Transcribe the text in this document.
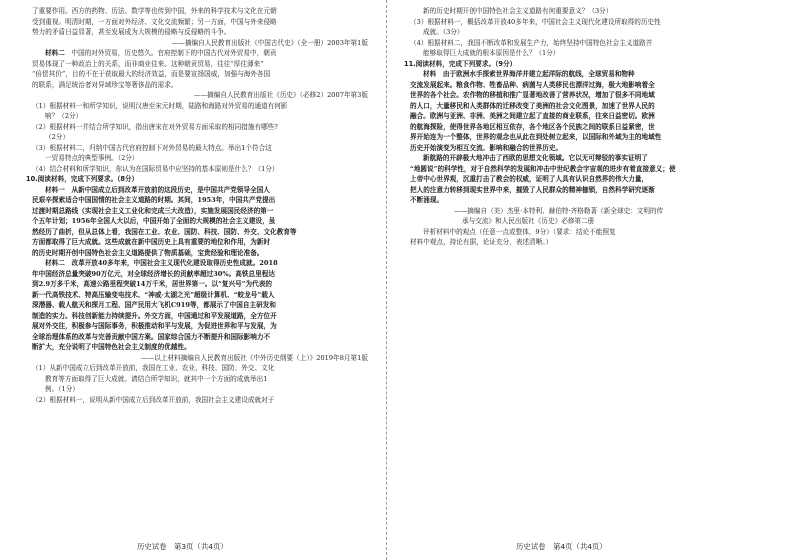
了重要作用。西方的药物、历法、数学等也传到中国，外来的科学技术与文化在元朝

受到重视。明清时期，一方面对外经济、文化交流频繁；另一方面，中国与外来侵略

势力的矛盾日益显著，甚至发展成为大规模的侵略与反侵略的斗争。

——摘编自人民教育出版社《中国古代史》（全一册）2003年第1版

材料二　 中国的对外贸易，历史悠久。官府控制下的中国古代对外贸易中，朝贡

贸易体现了一种政治上的关系，而非商业往来。这种朝贡贸易，往往“厚往薄来”

“倍偿其价”，目的不在于获取最大的经济效益，而是要宣扬国威，加强与海外各国

的联系，满足统治者对异域珍宝等奢侈品的需求。

——摘编自人民教育出版社《历史》（必修2）2007年第3版

（1）根据材料一和所学知识，说明汉唐至宋元时期，陆路和海路对外贸易的通道有何影

响？（2分）

（2）根据材料一并结合所学知识，指出唐宋在对外贸易方面采取的相同措施有哪些?

（2分）

（3）根据材料二，归纳中国古代官府控制下对外贸易的最大特点。举出1个符合这

一贸易特点的典型事例。（2分）

（4）结合材料和所学知识，你认为在国际贸易中应坚持的基本原则是什么？（1分）

10.阅读材料，完成下列要求。（8分）

材料一　 从新中国成立后到改革开放前的这段历史，是中国共产党领导全国人

民艰辛探索适合中国国情的社会主义道路的时期。其间，1953年，中国共产党提出

过渡时期总路线（实现社会主义工业化和完成三大改造），实施发展国民经济的第一

个五年计划；1956年全国人大以后，中国开始了全面的大规模的社会主义建设，虽

然经历了曲折，但从总体上看，我国在工业、农业、国防、科技、国防、外交、文化教育等

方面都取得了巨大成就。这些成就在新中国历史上具有重要的地位和作用，为新时

的历史时期开创中国特色社会主义道路提供了物质基础，宝贵经验和理论准备。

材料二　 改革开放40多年来，中国社会主义现代化建设取得历史性成就。2018

年中国经济总量突破90万亿元，对全球经济增长的贡献率超过30%。高铁总里程达

到2.9万多千米，高速公路里程突破14万千米，居世界第一。以“复兴号”为代表的

新一代高铁技术、特高压输变电技术、“神威·太湖之光”超级计算机、“蛟龙号”载人

深潜器、载人航天和探月工程、国产民用大飞机C919等，都展示了中国自主研发和

制造的实力。科技创新能力持续提升。外交方面，中国通过和平发展道路，全方位开

展对外交往，积极参与国际事务，积极推动和平与发展，为促进世界和平与发展，为

全球治理体系的改革与完善贡献中国方案。国家综合国力不断提升和国际影响力不

断扩大，充分说明了中国特色社会主义制度的优越性。

——以上材料摘编自人民教育出版社《中外历史纲要（上）》2019年8月第1版

（1）从新中国成立后到改革开放前，我国在工业、农业、科技、国防、外交、文化

教育等方面取得了巨大成就。请结合所学知识，就其中一个方面的成就举出1

例。（1分）

（2）根据材料一，说明从新中国成立后到改革开放前，我国社会主义建设成就对于

历史试卷　第3页（共4页）

新的历史时期开创中国特色社会主义道路有何重要意义？（3分）

（3）根据材料一，概括改革开放40多年来，中国社会主义现代化建设所取得的历史性

成就。（3分）

（4）根据材料二，我国不断改革和发展生产力，始终坚持中国特色社会主义道路并

能够取得巨大成就的根本原因是什么？（1分）

11.阅读材料，完成下列要求。（9分）

材料　 由于欧洲水手探索世界海洋并建立起洋际的航线，全球贸易和物种

交流发展起来。粮食作物、牲畜品种、病菌与人类移民也漂洋过海，极大地影响着全

世界的各个社会。农作物的移植和推广显著地改善了营养状况，增加了很多不同地域

的人口，大量移民和人类群体的迁移改变了美洲的社会文化图景，加速了世界人民的

融合。欧洲与亚洲、非洲、美洲之间建立起了直接的商业联系，往来日益密切。欧洲

的航海探险，使得世界各地区相互依存，各个地区各个民族之间的联系日益紧密，世

界开始连为一个整体，世界的观念也从此在到处树立起来，以国际和外域为主的地域性

历史开始演变为相互交流、影响和融合的世界历史。

新航路的开辟极大地冲击了西欧的思想文化领域。它以无可辩驳的事实证明了

“地圆说”的科学性，对于自然科学的发展和冲击中世纪教会宇宙观的进步有着直接意义；使

上帝中心世界观，沉重打击了教会的权威，证明了人具有认识自然界的伟大力量，

把人的注意力转移到现实世界中来，摧毁了人民群众的精神枷锁，自然科学研究逐渐

不断涌现。

——摘编自（美）杰里·本特利、赫伯特·齐格勒著《新全球史：文明的传

承与交流》和人民出版社《历史》必修第二册

评析材料中的观点（任意一点或整体，9分）（要求：结论不能照复

材料中观点，持论有据，论证充分，表述清晰。）

历史试卷　第4页（共4页）
